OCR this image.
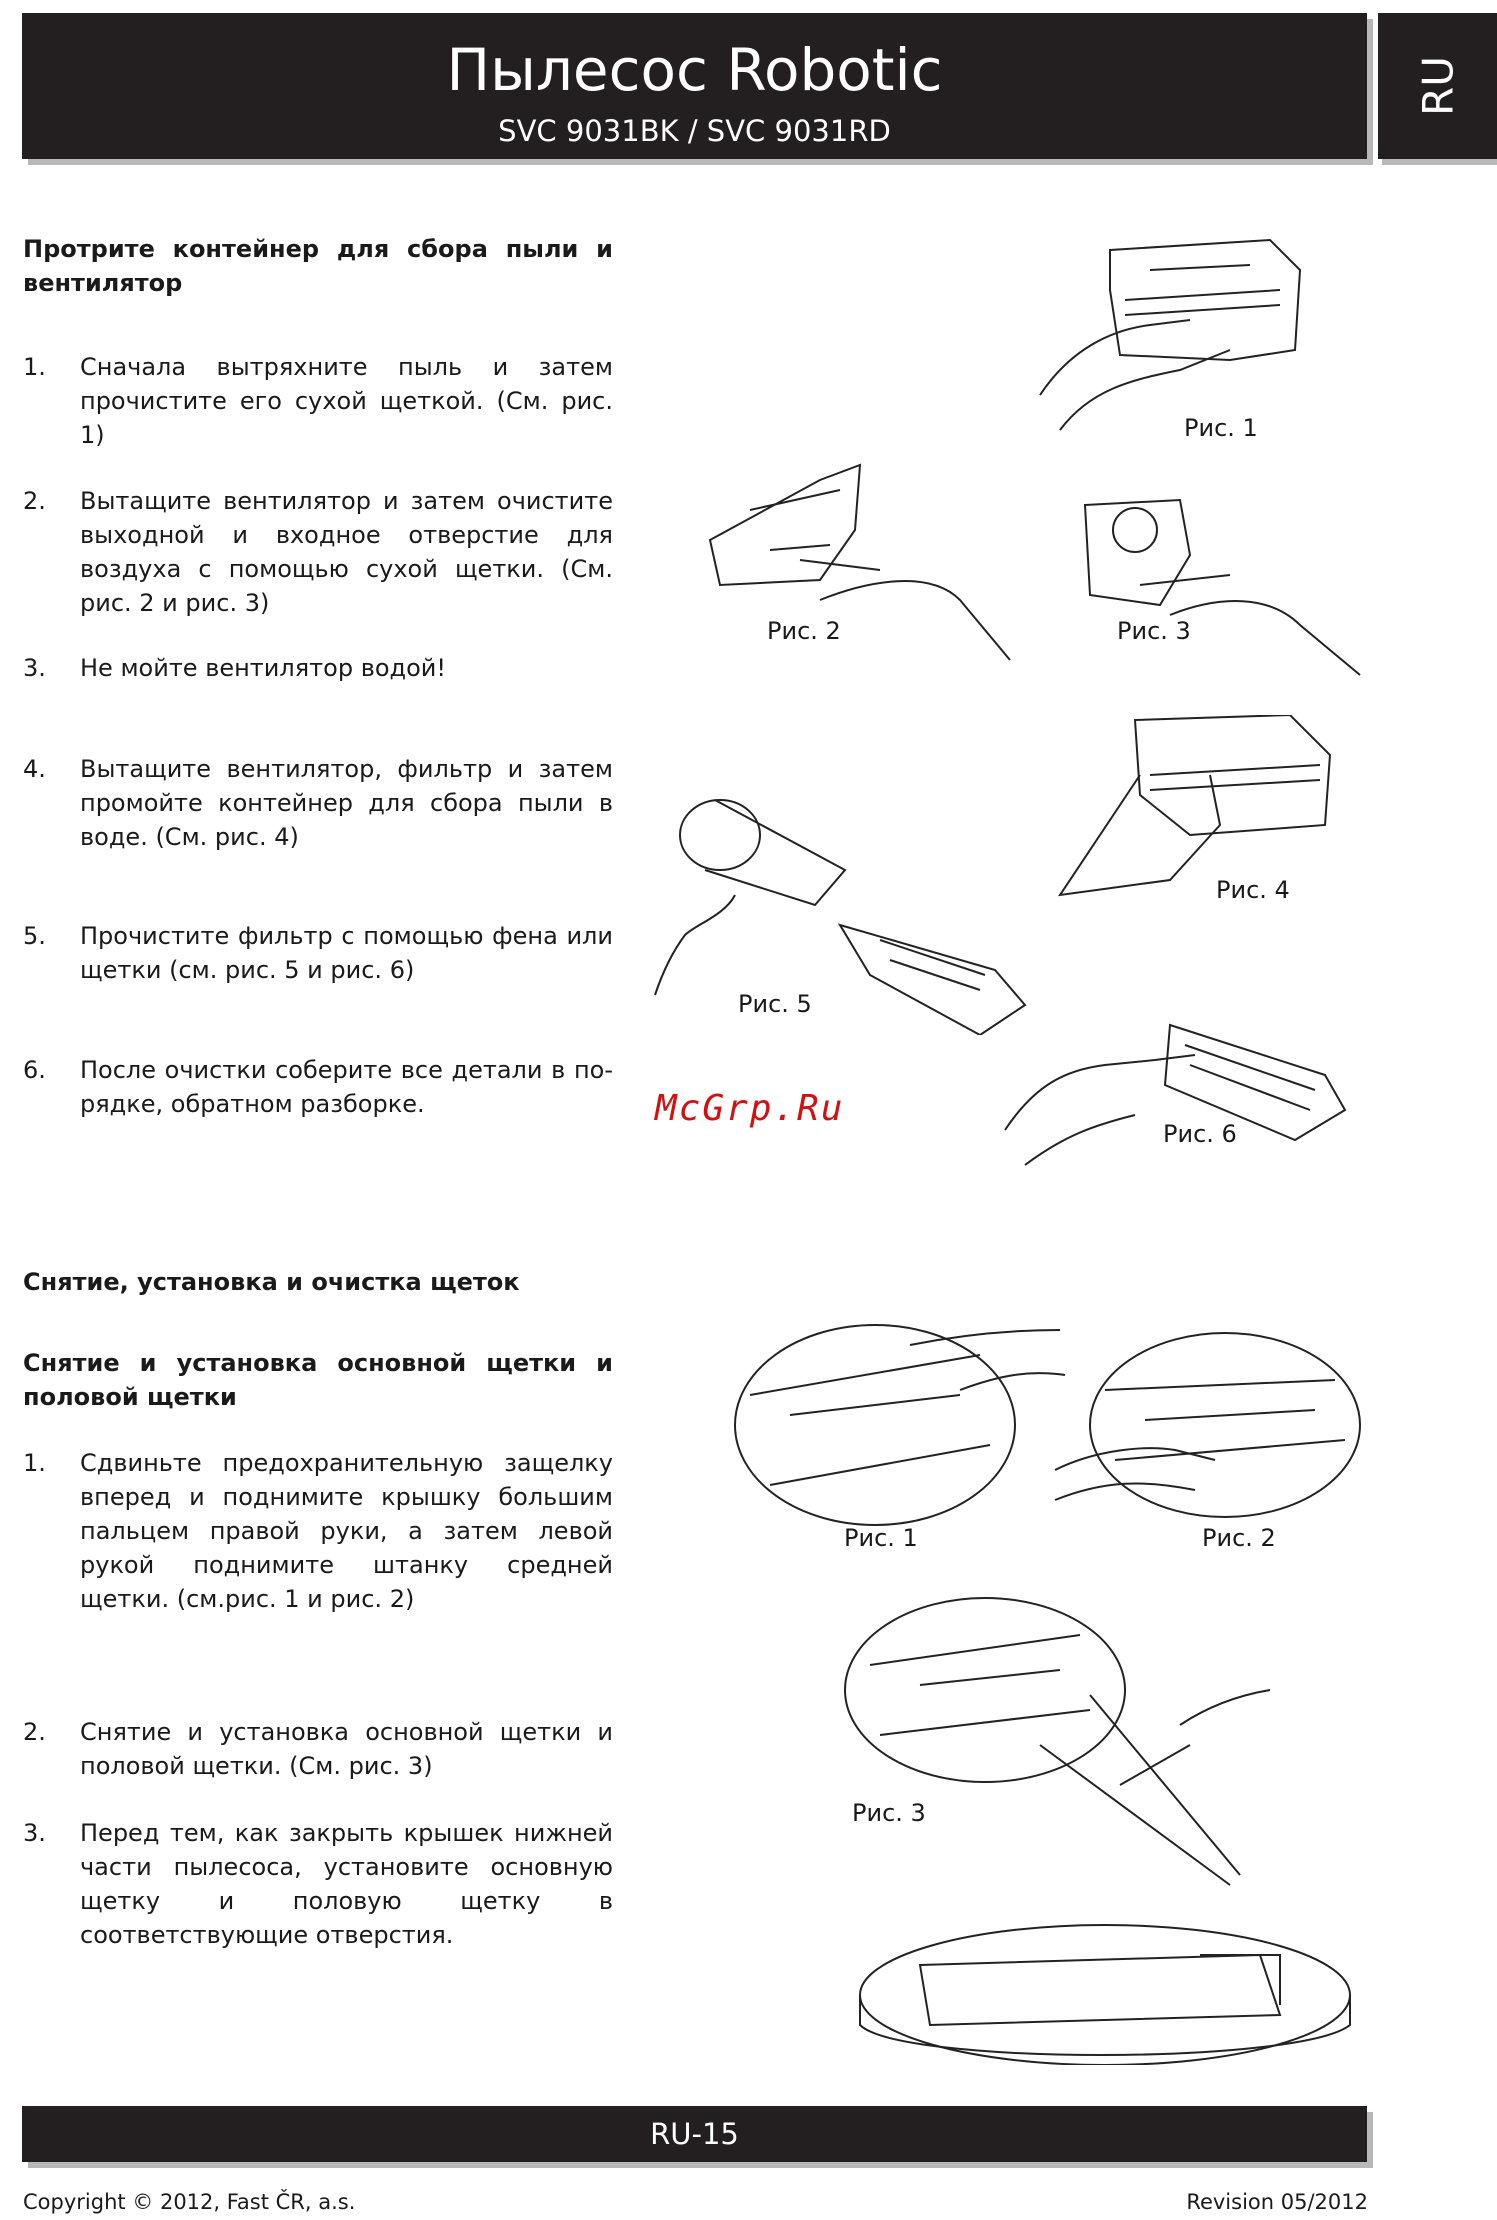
Пылесос Robotic
SVC 9031BK / SVC 9031RD
RU
Протрите контейнер для сбора пыли и вентилятор
1. Сначала вытряхните пыль и затем прочистите его сухой щеткой. (См. рис. 1)
2. Вытащите вентилятор и затем очистите выходной и входное отверстие для воздуха с помощью сухой щетки. (См. рис. 2 и рис. 3)
3. Не мойте вентилятор водой!
4. Вытащите вентилятор, фильтр и затем промойте контейнер для сбора пыли в воде. (См. рис. 4)
5. Прочистите фильтр с помощью фена или щетки (см. рис. 5 и рис. 6)
6. После очистки соберите все детали в порядке, обратном разборке.
Рис. 1
Рис. 2	Рис. 3
Рис. 4
Рис. 5
Рис. 6
McGrp.Ru
Снятие, установка и очистка щеток
Снятие и установка основной щетки и половой щетки
1. Сдвиньте предохранительную защелку вперед и поднимите крышку большим пальцем правой руки, а затем левой рукой поднимите штанку средней щетки. (см.рис. 1 и рис. 2)
2. Снятие и установка основной щетки и половой щетки. (См. рис. 3)
3. Перед тем, как закрыть крышек нижней части пылесоса, установите основную щетку и половую щетку в соответствующие отверстия.
Рис. 1	Рис. 2
Рис. 3
RU-15
Copyright © 2012, Fast ČR, a.s.	Revision 05/2012
